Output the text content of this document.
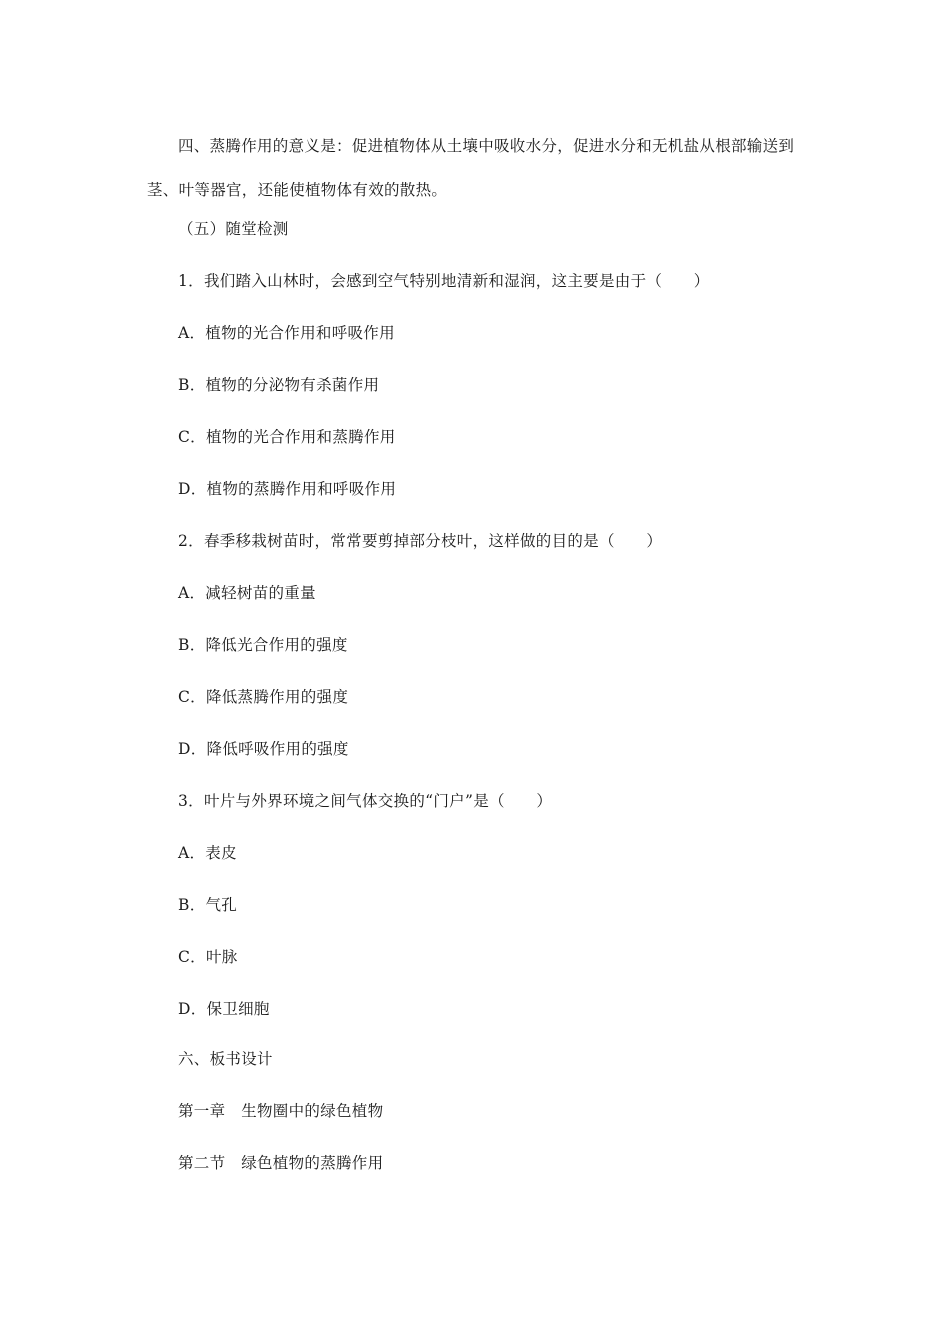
四、蒸腾作用的意义是：促进植物体从土壤中吸收水分，促进水分和无机盐从根部输送到茎、叶等器官，还能使植物体有效的散热。

（五）随堂检测
1．我们踏入山林时，会感到空气特别地清新和湿润，这主要是由于（　　）
A．植物的光合作用和呼吸作用
B．植物的分泌物有杀菌作用
C．植物的光合作用和蒸腾作用
D．植物的蒸腾作用和呼吸作用
2．春季移栽树苗时，常常要剪掉部分枝叶，这样做的目的是（　　）
A．减轻树苗的重量
B．降低光合作用的强度
C．降低蒸腾作用的强度
D．降低呼吸作用的强度
3．叶片与外界环境之间气体交换的“门户”是（　　）
A．表皮
B．气孔
C．叶脉
D．保卫细胞
六、板书设计
第一章　生物圈中的绿色植物
第二节　绿色植物的蒸腾作用
